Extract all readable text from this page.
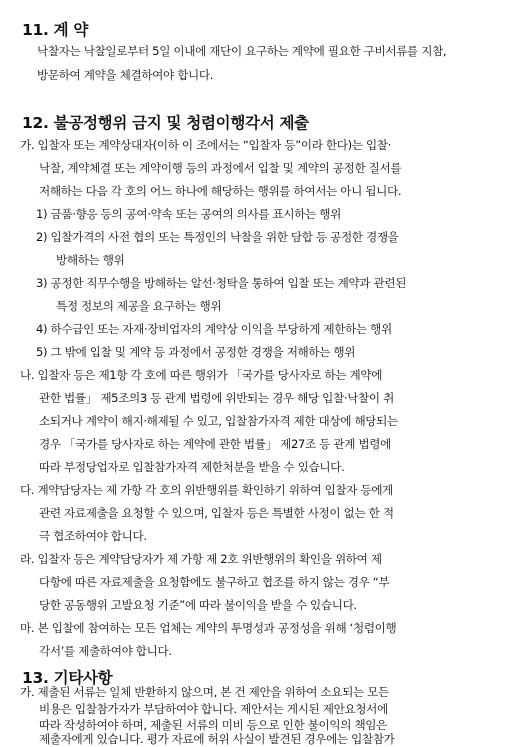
11. 계 약
낙찰자는 낙찰일로부터 5일 이내에 재단이 요구하는 계약에 필요한 구비서류를 지참,
방문하여 계약을 체결하여야 합니다.
12. 불공정행위 금지 및 청렴이행각서 제출
가. 입찰자 또는 계약상대자(이하 이 조에서는 “입찰자 등”이라 한다)는 입찰·
낙찰, 계약체결 또는 계약이행 등의 과정에서 입찰 및 계약의 공정한 질서를
저해하는 다음 각 호의 어느 하나에 해당하는 행위를 하여서는 아니 됩니다.
1) 금품·향응 등의 공여·약속 또는 공여의 의사를 표시하는 행위
2) 입찰가격의 사전 협의 또는 특정인의 낙찰을 위한 담합 등 공정한 경쟁을
방해하는 행위
3) 공정한 직무수행을 방해하는 알선·청탁을 통하여 입찰 또는 계약과 관련된
특정 정보의 제공을 요구하는 행위
4) 하수급인 또는 자재·장비업자의 계약상 이익을 부당하게 제한하는 행위
5) 그 밖에 입찰 및 계약 등 과정에서 공정한 경쟁을 저해하는 행위
나. 입찰자 등은 제1항 각 호에 따른 행위가 「국가를 당사자로 하는 계약에
관한 법률」 제5조의3 등 관계 법령에 위반되는 경우 해당 입찰·낙찰이 취
소되거나 계약이 해지·해제될 수 있고, 입찰참가자격 제한 대상에 해당되는
경우 「국가를 당사자로 하는 계약에 관한 법률」 제27조 등 관계 법령에
따라 부정당업자로 입찰참가자격 제한처분을 받을 수 있습니다.
다. 계약담당자는 제 가항 각 호의 위반행위를 확인하기 위하여 입찰자 등에게
관련 자료제출을 요청할 수 있으며, 입찰자 등은 특별한 사정이 없는 한 적
극 협조하여야 합니다.
라. 입찰자 등은 계약담당자가 제 가항 제 2호 위반행위의 확인을 위하여 제
다항에 따른 자료제출을 요청함에도 불구하고 협조를 하지 않는 경우 “부
당한 공동행위 고발요청 기준”에 따라 불이익을 받을 수 있습니다.
마. 본 입찰에 참여하는 모든 업체는 계약의 투명성과 공정성을 위해 ‘청렴이행
각서’를 제출하여야 합니다.
13. 기타사항
가. 제출된 서류는 일체 반환하지 않으며, 본 건 제안을 위하여 소요되는 모든
비용은 입찰참가자가 부담하여야 합니다. 제안서는 게시된 제안요청서에
따라 작성하여야 하며, 제출된 서류의 미비 등으로 인한 불이익의 책임은
제출자에게 있습니다. 평가 자료에 허위 사실이 발견된 경우에는 입찰참가
